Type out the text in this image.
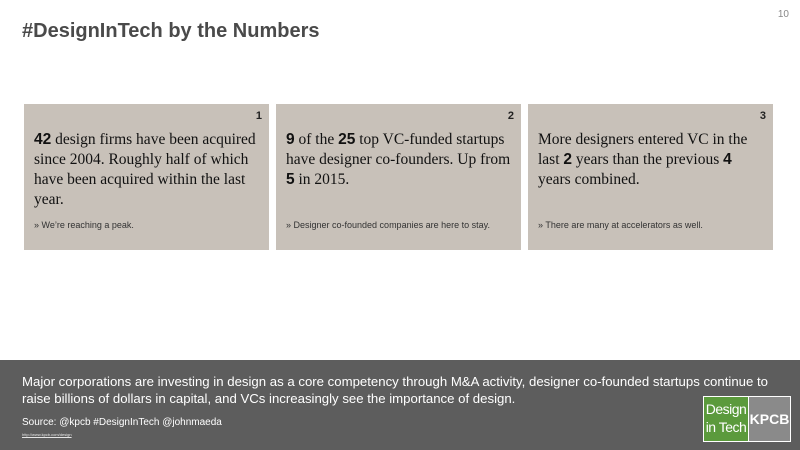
10
#DesignInTech by the Numbers
1

42 design firms have been acquired since 2004. Roughly half of which have been acquired within the last year.

» We’re reaching a peak.
2

9 of the 25 top VC-funded startups have designer co-founders. Up from 5 in 2015.

» Designer co-founded companies are here to stay.
3

More designers entered VC in the last 2 years than the previous 4 years combined.

» There are many at accelerators as well.

Major corporations are investing in design as a core competency through M&A activity, designer co-founded startups continue to raise billions of dollars in capital, and VCs increasingly see the importance of design.

Source: @kpcb #DesignInTech @johnmaeda
http://www.kpcb.com/design
Design
in Tech KPCB
